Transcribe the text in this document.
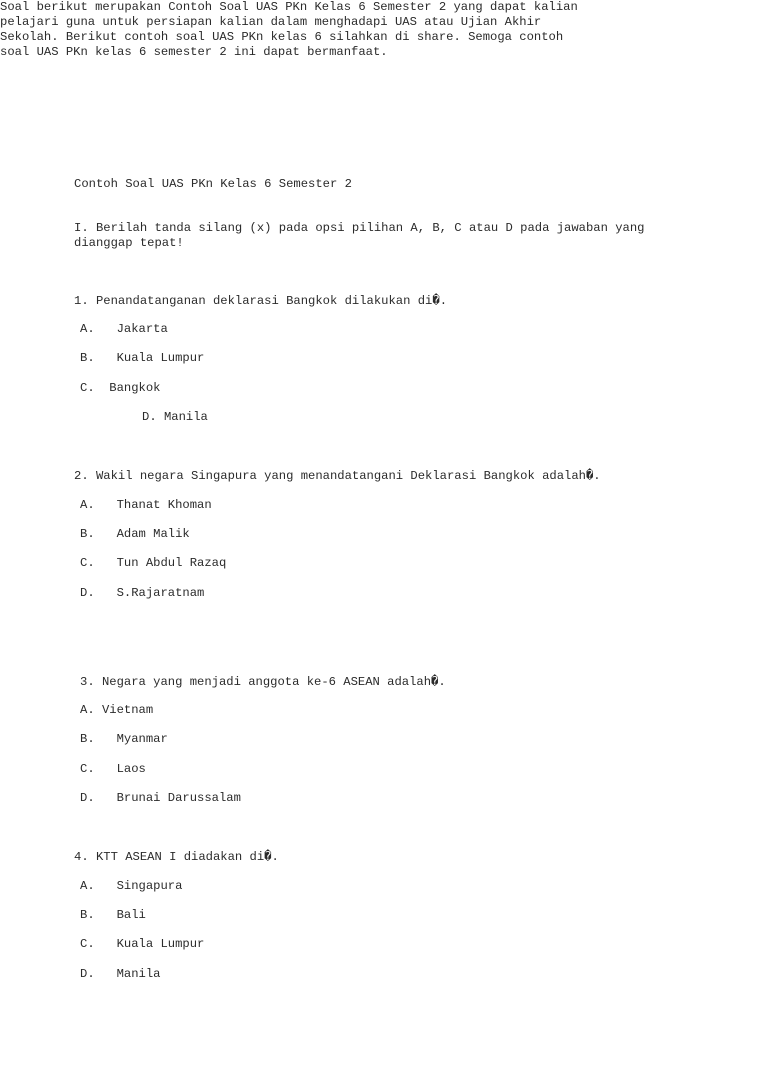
Soal berikut merupakan Contoh Soal UAS PKn Kelas 6 Semester 2 yang dapat kalian
pelajari guna untuk persiapan kalian dalam menghadapi UAS atau Ujian Akhir
Sekolah. Berikut contoh soal UAS PKn kelas 6 silahkan di share. Semoga contoh
soal UAS PKn kelas 6 semester 2 ini dapat bermanfaat.
Contoh Soal UAS PKn Kelas 6 Semester 2
I. Berilah tanda silang (x) pada opsi pilihan A, B, C atau D pada jawaban yang
dianggap tepat!
1. Penandatanganan deklarasi Bangkok dilakukan di�.
A.   Jakarta
B.   Kuala Lumpur
C.  Bangkok
D. Manila
2. Wakil negara Singapura yang menandatangani Deklarasi Bangkok adalah�.
A.   Thanat Khoman
B.   Adam Malik
C.   Tun Abdul Razaq
D.   S.Rajaratnam
3. Negara yang menjadi anggota ke-6 ASEAN adalah�.
A. Vietnam
B.   Myanmar
C.   Laos
D.   Brunai Darussalam
4. KTT ASEAN I diadakan di�.
A.   Singapura
B.   Bali
C.   Kuala Lumpur
D.   Manila
